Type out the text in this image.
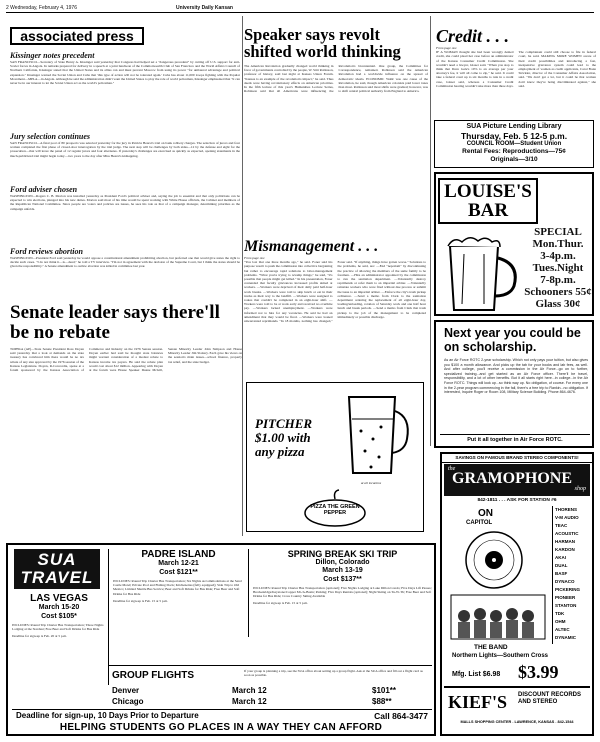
2 Wednesday, February 4, 1976	University Daily Kansan
associated press
Kissinger notes precedent
SAN FRANCISCO—Secretary of State Henry A. Kissinger said yesterday that Congress had helped set a "dangerous precedent" by cutting off U.S. support for anti-Soviet forces in Angola. In remarks prepared for delivery in a speech at a joint luncheon of the Commonwealth Club of San Francisco and the World Affairs Council of Northern California, Kissinger stated that the United States and its allies can and must prevent Moscow from using its power "for unilateral advantage and political expansion." Kissinger warned the Soviet Union and Cuba that 'this type of action will not be tolerated again.' Cuba has about 11,000 troops fighting with the Popular Movement—MPLA—in Angola. Although he said the administration didn't want the United States to play the role of world policeman, Kissinger emphasized that "it can never be in our interest to let the Soviet Union act as the world's policeman."
Jury selection continues
SAN FRANCISCO—A final pool of 80 prospects was selected yesterday for the jury in Patricia Hearst's trial on bank robbery charges. The selection of jurors and four women completed the first phase of closed-door interrogation by the trial judge. The next step will be challenges by both sides—12 by the defense and eight for the prosecution—that will leave the panel of 12 regular jurors and four alternates. If yesterday's challenges are exercised as quickly as expected, opening statements in the much-publicized trial might begin today—two years to the day after Miss Hearst's kidnapping.
Ford adviser chosen
WASHINGTON—Rogers C. B. Morton was installed yesterday as President Ford's political adviser and, saying the job is essential and that only politicians can be expected to win elections, plunged into his new duties. Morton said most of his time would be spent working with White House officials, the Cabinet and members of the Republican National Committee. Since people are voters and policies are issues, he sees his role as that of a campaign manager, determining priorities as the campaign unfolds.
Ford reviews abortion
WASHINGTON—President Ford said yesterday he would oppose a constitutional amendment prohibiting abortion, but preferred one that would give states the right to decide such cases. "I do not think it—is—dead," he told a TV interview. "I'm not in agreement with the decision of the Supreme Court, but I think the states should be given the responsibility." A Senate amendment to outlaw abortion was killed in committee last year.
Senate leader says there'll be no rebate
TOPEKA (AP)—State Senate President Ross Doyen said yesterday that a look at demands on the state treasury has convinced him there would be no tax rebate of any size approved by the 1976 session of the Kansas Legislature. Doyen, R-Concordia, spoke at a forum sponsored by the Kansas Association of Commerce and Industry on the 1976 Senate session. Doyen earlier had said he thought state balances might warrant consideration of a modest rebate to Kansas income tax payers. He said the rebate plan would cost about $12 million. Appearing with Doyen at the forum were House Speaker Duane McGill, Senate Minority Leader John Simpson and House Minority Leader Jim Slattery. Each gave his views on the session's main issues—school finance, property tax relief, and the state budget.
Speaker says revolt shifted world thinking
The American Revolution gradually changed world thinking in favor of governments controlled by the people, W. Stitt Robinson, professor of history, said last night at Kansas Union Forum. "Kansas is an example of the revolution's impact," he said. Thus deeds were having revolutionary effects on American priorities. In the fifth lecture of this year's Humanities Lecture Series, Robinson said that all Americans were influencing the Revolution's bicentennial. One group, the Committee for Correspondence, remained. Robinson said the American Revolution had a worldwide influence on the spread of democratic ideals. ECONOMIC WAR was one cause of the Revolution, he said, though American colonists paid lower taxes than most. Robinson said most shifts were gradual; however, was to shift central political authority from England to America.
Mismanagement . . .
From page one
"You lost that one three months ago," he said. Foner said his purpose wasn't to push the commission into collective bargaining but rather to encourage rapid solutions to labor-management problems. "What you're trying to revamp things," he said, "it's possible that people might get killed." In his presentation, Foner contended that faculty grievances increased profits aimed at workers. —Workers were deprived of their daily paid half-hour work breaks. —Workers were told to skip lunch or eat in their trucks as their way to the landfill. —Workers were assigned to routes that couldn't be completed in an eight-hour shift. —Workers were told to be at work early and received no overtime pay. —Workers lacked unemployment. —Workers were informed not to hire for any vacancies. He said he had an amendment that they would be fired. —Workers were loaned unwarranted reprimands. "In 18 months, nothing has changed," Foner said. "If anything, things have gotten worse." Solutions to the problems, he said, are: —End "nepotism" by discontinuing the practice of allowing the members of the same family to be foremen. —Hire an administrator appointed by the commission to run the sanitation department. —Voluntarily destroy reprimands or refer them to an impartial arbiter. —Voluntarily reinstate workers who were fired without due process or submit the issue to an impartial arbiter. —Enforce the city's trash pickup ordinance. —Send a memo from Clark to the sanitation department ordering the replacement of all eight-hour day, loading/unloading, rotation of Saturday work and one half hour lunch and break periods. —Send a memo from Clark that trash pickup is the job of the management to be completed immediately or possible discharge.
PITCHER $1.00 with any pizza
at all locations
PIZZA THE GREEN PEPPER
Credit . . .
From page one
IF A WOMAN thought she had been wrongly denied credit, she could plead her case before an administrator of the Kansas Consumer Credit Commission. She wouldn't need a lawyer, Glaser said. "When you stop to think that Dave Gale's 10% is an average per your attorney's fee, it will all come to zip," he said. It could take a federal court up to six months to rule in a credit case, Glaser said, whereas a Consumer Credit Commission hearing wouldn't take more than three days. The complainant could still choose to file in federal court, he said. MAKING MORE WOMEN aware of their credit possibilities and introducing a fast, inexpensive grievance system could lead to the employment of women as credit applicants, Carol Bonn Strickler, director of the Consumer Affairs Association, said. "We don't get a lot, but it could be that women don't know they're being discriminated against," she said.
SUA Picture Lending Library
Thursday, Feb. 5 12-5 p.m.
COUNCIL ROOM—Student Union
Rental Fees: Reproductions—75¢
Originals—3/10
LOUISE'S BAR
SPECIAL
Mon.Thur.
3-4p.m.
Tues.Night
7-8p.m.
Schooners 55¢
Glass 30¢
Next year you could be on scholarship.
As an Air Force ROTC 2-year scholarship. Which not only pays your tuition, but also gives you $100 a month allowance. And picks up the tab for your books and lab fees, as well. And after college, you'll receive a commission in the Air Force...go on to further, specialized training...and get started as an Air Force officer. There'll be travel, responsibility, and a lot of other benefits. But it all starts right here...in college...in the Air Force ROTC. Things will look up...so think way up. No obligation, of course. For every one in the 2-year program commencing in the fall, there's a free trip to Rankin...no obligation. If interested, Inquire Roger or Room 108, Military Science Building. Phone 864-4676.
Put it all together in Air Force ROTC.
SUA TRAVEL
LAS VEGAS
March 15-20
Cost $105*
INCLUDES: Round Trip Charter Bus Transportation; Three Nights Lodging at the Stardust; Free Beer and Soft Drinks for Bus Ride
Deadline for sign-up is Feb. 20 at 5 p.m.
PADRE ISLAND
March 12-21
Cost $121**
INCLUDES: Round Trip Charter Bus Transportation; Six Nights Accommodations at the Sand Castle Motel; Private Pool and Fishing Dock; Kitchenettes (fully equipped); Side Trip to Old Mexico; Limited Shuttle Bus Service; Beer and Soft Drinks for Bus Ride; Free Beer and Soft Drinks for Bus Ride
Deadline for sign-up is Feb. 15 at 5 p.m.
SPRING BREAK SKI TRIP
Dillon, Colorado
March 13-19
Cost $137**
INCLUDES: Round Trip Charter Bus Transportation (optional); Five Nights Lodging at Lake Dillon Condo; Five Days Lift Passes; Breckenridge/Keystone/Copper Mt./A-Basin; Parking; Five Days Rentals (optional); Night Skiing on Tu-W-Th; Free Beer and Soft Drinks for Bus Ride; Cross Country Skiing Available
Deadline for sign-up is Feb. 15 at 5 p.m.
GROUP FLIGHTS	If your group is planning a trip, see the SUA office about setting up a group flight. Ask at the SUA office and fill out a flight card as soon as possible.
Denver	March 12	$101**
Chicago	March 12	$88**
Deadline for sign-up, 10 Days Prior to Departure	Call 864-3477
HELPING STUDENTS GO PLACES IN A WAY THEY CAN AFFORD
SAVINGS ON FAMOUS BRAND STEREO COMPONENTS!
the
GRAMOPHONE
shop
842-1811 . . . ASK FOR STATION #6
ON
CAPITOL
THORENS
V-M AUDIO
TEAC
ACOUSTIC
HARMAN
KARDON
AKAI
DUAL
BASF
DYNACO
PICKERING
PIONEER
STANTON
TDK
OHM
ALTEC
DYNAMIC
THE BAND
Northern Lights—Southern Cross
Mfg. List $6.98 $3.99
KIEF'S DISCOUNT RECORDS AND STEREO
MALLS SHOPPING CENTER . LAWRENCE, KANSAS . 842-1544
